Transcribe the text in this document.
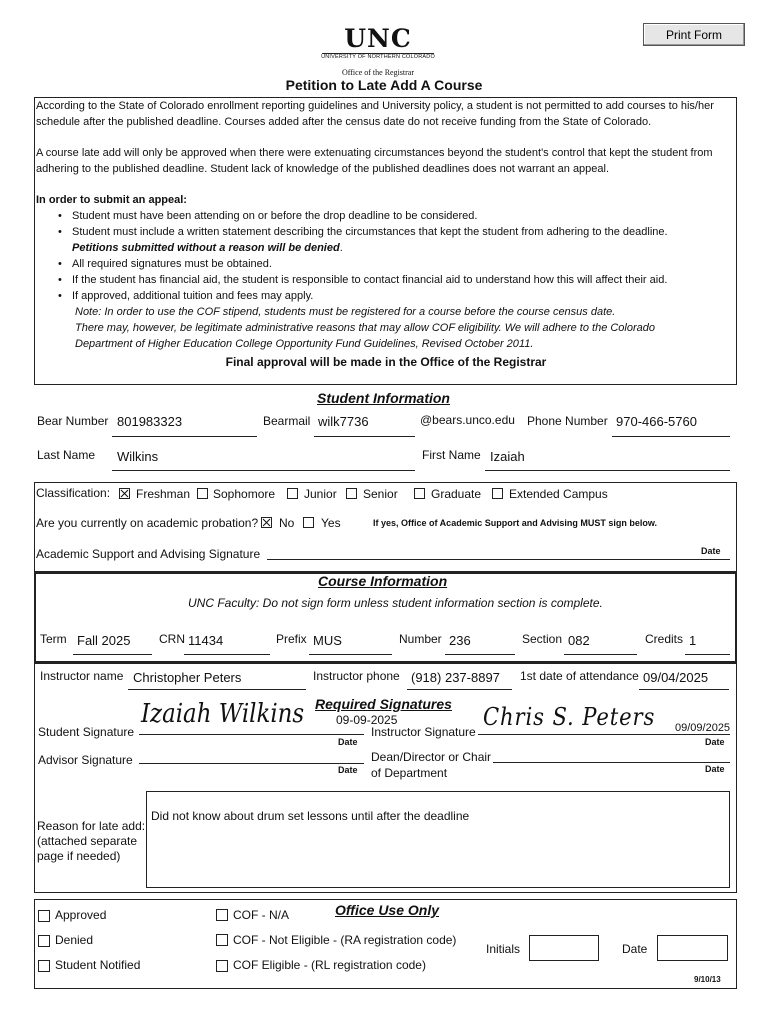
Print Form
UNC
UNIVERSITY OF NORTHERN COLORADO
Office of the Registrar
Petition to Late Add A Course

According to the State of Colorado enrollment reporting guidelines and University policy, a student is not permitted to add courses to his/her schedule after the published deadline. Courses added after the census date do not receive funding from the State of Colorado.

A course late add will only be approved when there were extenuating circumstances beyond the student's control that kept the student from adhering to the published deadline. Student lack of knowledge of the published deadlines does not warrant an appeal.

In order to submit an appeal:

• Student must have been attending on or before the drop deadline to be considered.
• Student must include a written statement describing the circumstances that kept the student from adhering to the deadline.
Petitions submitted without a reason will be denied.
• All required signatures must be obtained.
• If the student has financial aid, the student is responsible to contact financial aid to understand how this will affect their aid.
• If approved, additional tuition and fees may apply.
Note: In order to use the COF stipend, students must be registered for a course before the course census date.
There may, however, be legitimate administrative reasons that may allow COF eligibility. We will adhere to the Colorado
Department of Higher Education College Opportunity Fund Guidelines, Revised October 2011.
Final approval will be made in the Office of the Registrar
Student Information
Bear Number 801983323	Bearmail wilk7736	@bears.unco.edu Phone Number 970-466-5760
Last Name Wilkins	First Name Izaiah
Classification: Freshman Sophomore Junior Senior	Graduate Extended Campus
Are you currently on academic probation? No Yes	If yes, Office of Academic Support and Advising MUST sign below.
Academic Support and Advising Signature	Date
Course Information
UNC Faculty: Do not sign form unless student information section is complete.
Term Fall 2025 CRN 11434	Prefix MUS	Number 236	Section 082	Credits 1
Instructor name Christopher Peters	Instructor phone (918) 237-8897 1st date of attendance 09/04/2025
Required Signatures
Student Signature
Izaiah Wilkins	09-09-2025
Date
Instructor Signature
Chris S. Peters 09/09/2025
Date
Advisor Signature
Date
Dean/Director or Chair
of Department	Date
Reason for late add:
(attached separate
page if needed)
Did not know about drum set lessons until after the deadline
Office Use Only
Approved
Denied
Student Notified
COF - N/A
COF - Not Eligible - (RA registration code)
COF Eligible - (RL registration code)
Initials	Date
9/10/13
